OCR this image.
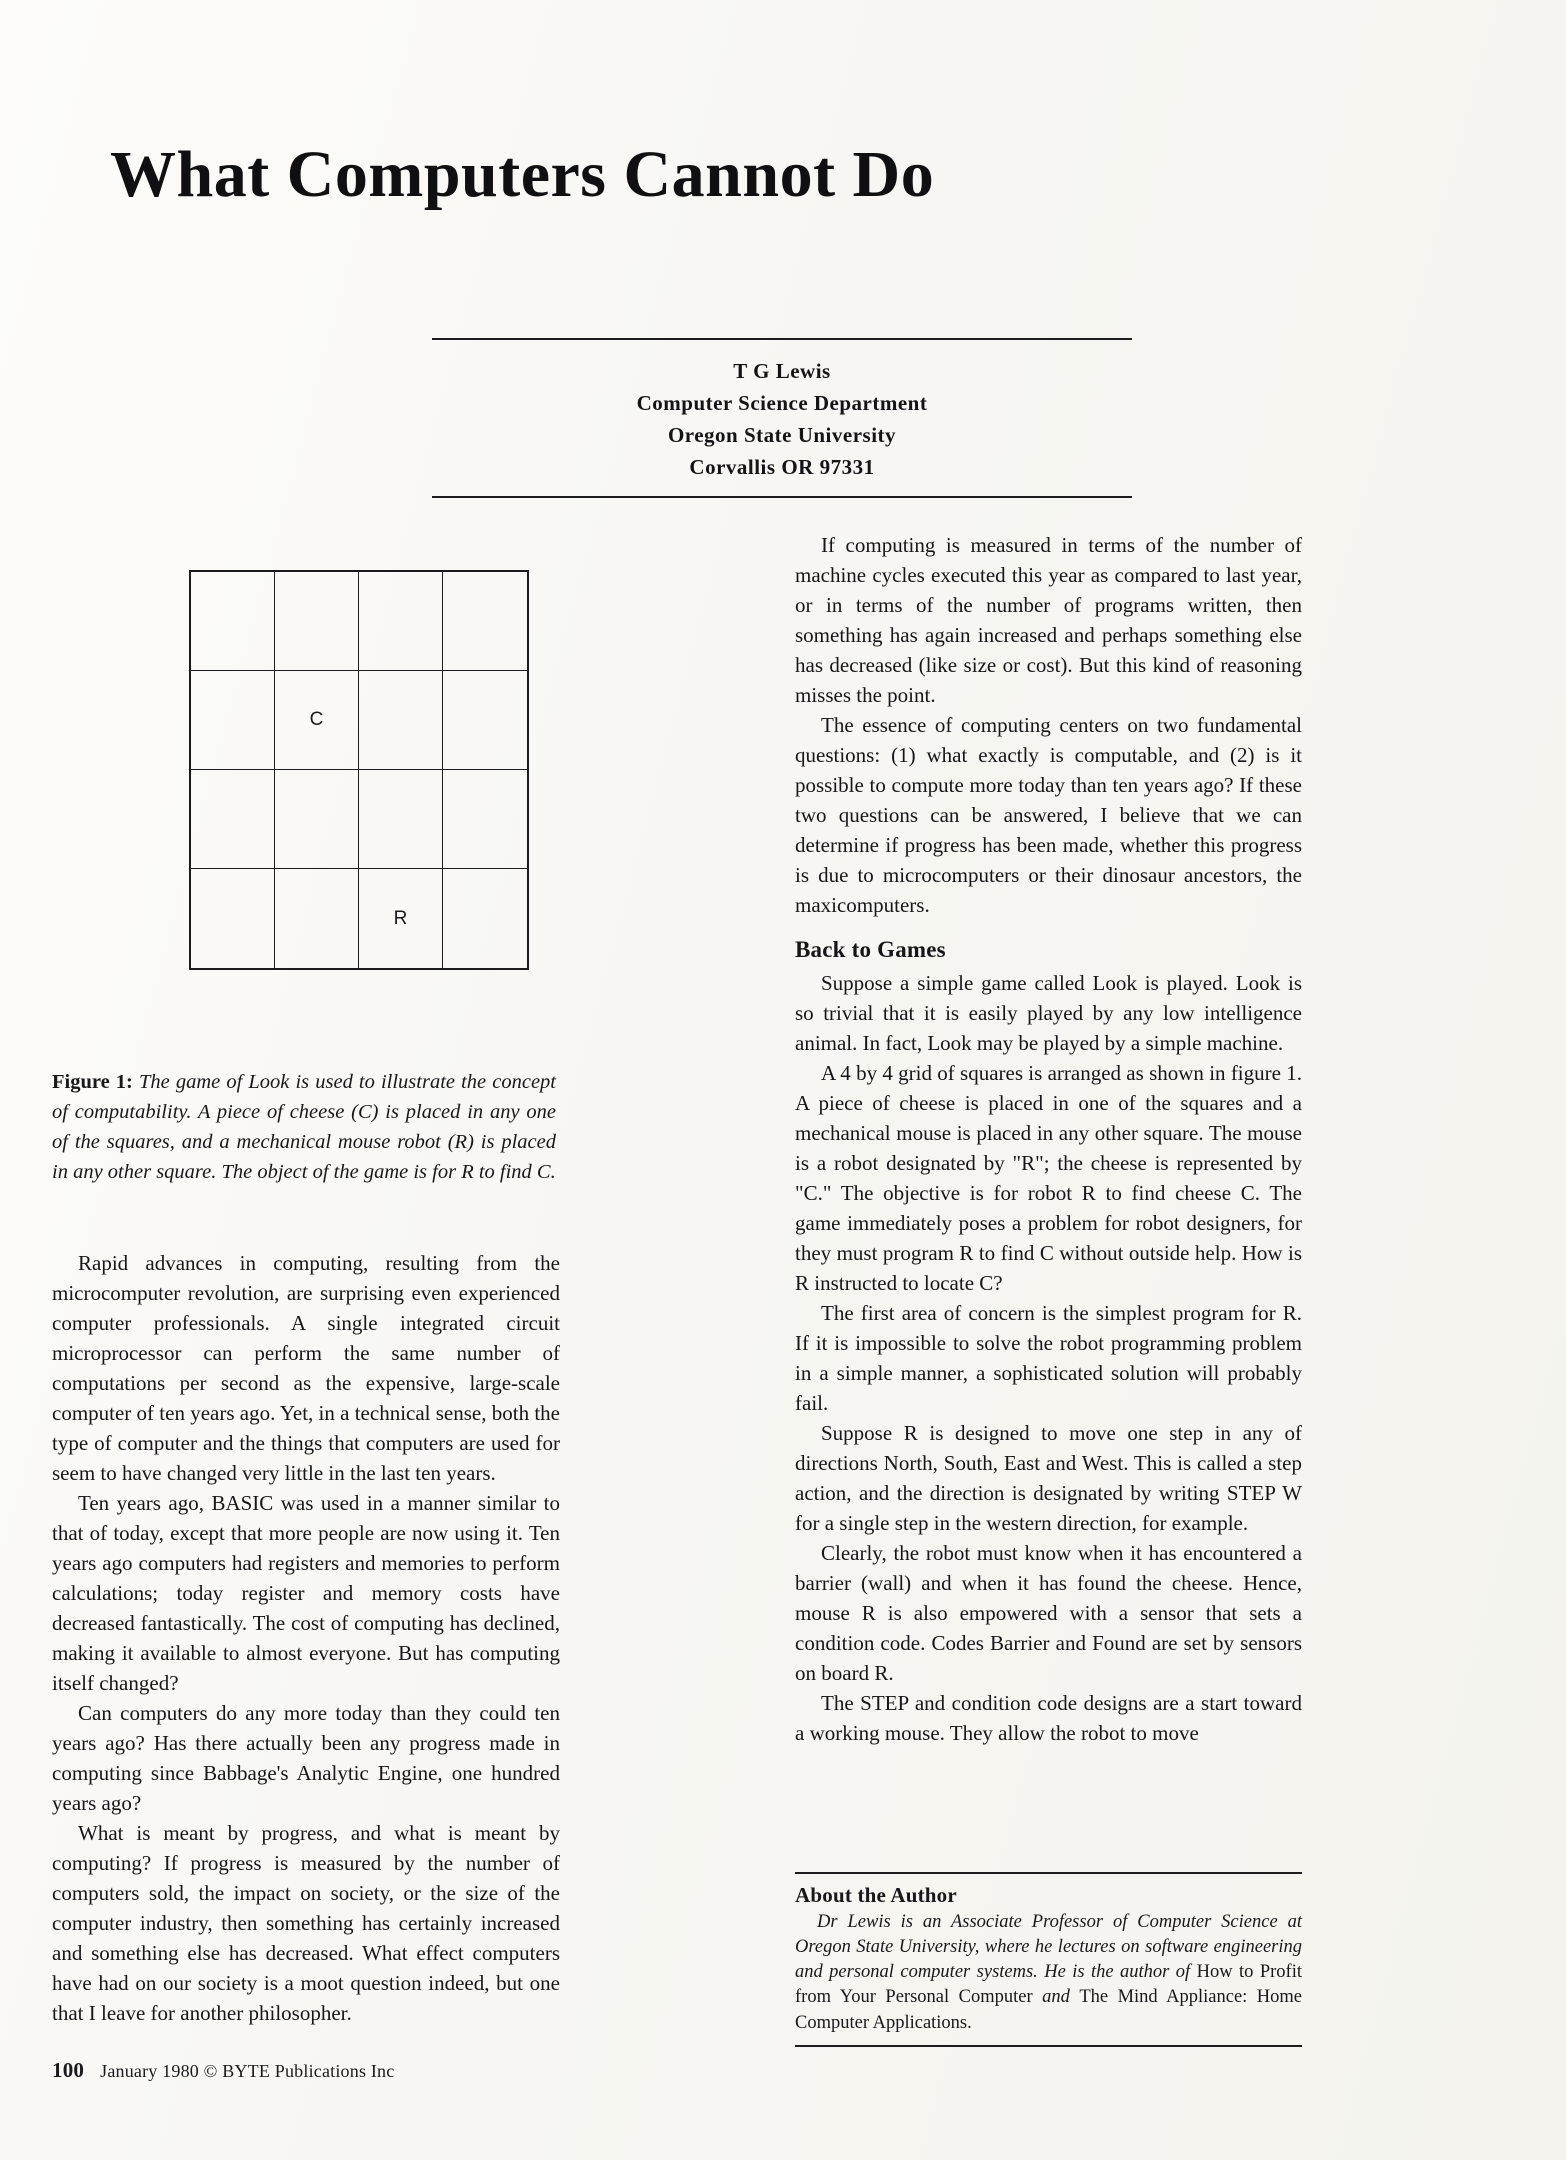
What Computers Cannot Do
T G Lewis
Computer Science Department
Oregon State University
Corvallis OR 97331
C
R
Figure 1: The game of Look is used to illustrate the concept of computability. A piece of cheese (C) is placed in any one of the squares, and a mechanical mouse robot (R) is placed in any other square. The object of the game is for R to find C.

Rapid advances in computing, resulting from the microcomputer revolution, are surprising even experienced computer professionals. A single integrated circuit microprocessor can perform the same number of computations per second as the expensive, large-scale computer of ten years ago. Yet, in a technical sense, both the type of computer and the things that computers are used for seem to have changed very little in the last ten years.

Ten years ago, BASIC was used in a manner similar to that of today, except that more people are now using it. Ten years ago computers had registers and memories to perform calculations; today register and memory costs have decreased fantastically. The cost of computing has declined, making it available to almost everyone. But has computing itself changed?

Can computers do any more today than they could ten years ago? Has there actually been any progress made in computing since Babbage's Analytic Engine, one hundred years ago?

What is meant by progress, and what is meant by computing? If progress is measured by the number of computers sold, the impact on society, or the size of the computer industry, then something has certainly increased and something else has decreased. What effect computers have had on our society is a moot question indeed, but one that I leave for another philosopher.

If computing is measured in terms of the number of machine cycles executed this year as compared to last year, or in terms of the number of programs written, then something has again increased and perhaps something else has decreased (like size or cost). But this kind of reasoning misses the point.

The essence of computing centers on two fundamental questions: (1) what exactly is computable, and (2) is it possible to compute more today than ten years ago? If these two questions can be answered, I believe that we can determine if progress has been made, whether this progress is due to microcomputers or their dinosaur ancestors, the maxicomputers.

Back to Games

Suppose a simple game called Look is played. Look is so trivial that it is easily played by any low intelligence animal. In fact, Look may be played by a simple machine.

A 4 by 4 grid of squares is arranged as shown in figure 1. A piece of cheese is placed in one of the squares and a mechanical mouse is placed in any other square. The mouse is a robot designated by "R"; the cheese is represented by "C." The objective is for robot R to find cheese C. The game immediately poses a problem for robot designers, for they must program R to find C without outside help. How is R instructed to locate C?

The first area of concern is the simplest program for R. If it is impossible to solve the robot programming problem in a simple manner, a sophisticated solution will probably fail.

Suppose R is designed to move one step in any of directions North, South, East and West. This is called a step action, and the direction is designated by writing STEP W for a single step in the western direction, for example.

Clearly, the robot must know when it has encountered a barrier (wall) and when it has found the cheese. Hence, mouse R is also empowered with a sensor that sets a condition code. Codes Barrier and Found are set by sensors on board R.

The STEP and condition code designs are a start toward a working mouse. They allow the robot to move

About the Author
Dr Lewis is an Associate Professor of Computer Science at Oregon State University, where he lectures on software engineering and personal computer systems. He is the author of How to Profit from Your Personal Computer and The Mind Appliance: Home Computer Applications.
100 January 1980 © BYTE Publications Inc
